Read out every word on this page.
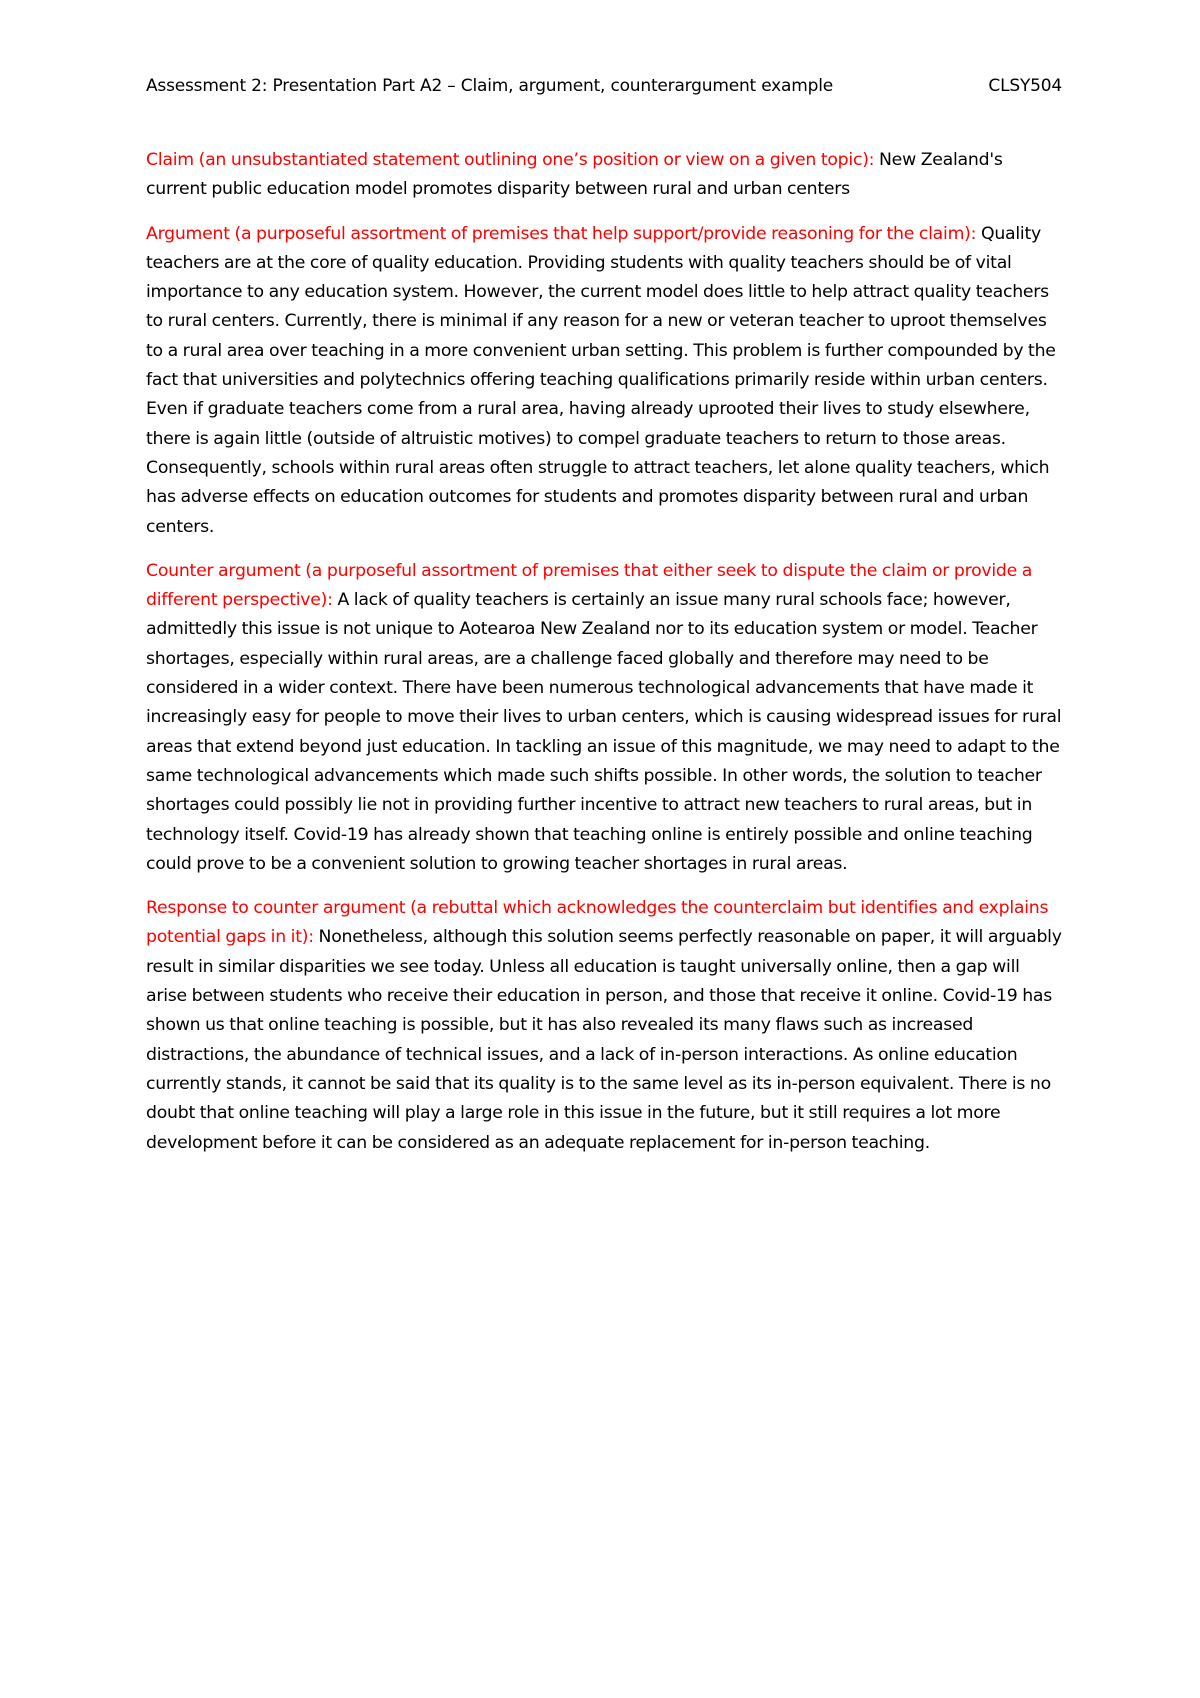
Assessment 2: Presentation Part A2 – Claim, argument, counterargument example	CLSY504

Claim (an unsubstantiated statement outlining one’s position or view on a given topic): New Zealand's current public education model promotes disparity between rural and urban centers

Argument (a purposeful assortment of premises that help support/provide reasoning for the claim): Quality teachers are at the core of quality education. Providing students with quality teachers should be of vital importance to any education system. However, the current model does little to help attract quality teachers to rural centers. Currently, there is minimal if any reason for a new or veteran teacher to uproot themselves to a rural area over teaching in a more convenient urban setting. This problem is further compounded by the fact that universities and polytechnics offering teaching qualifications primarily reside within urban centers. Even if graduate teachers come from a rural area, having already uprooted their lives to study elsewhere, there is again little (outside of altruistic motives) to compel graduate teachers to return to those areas. Consequently, schools within rural areas often struggle to attract teachers, let alone quality teachers, which has adverse effects on education outcomes for students and promotes disparity between rural and urban centers.

Counter argument (a purposeful assortment of premises that either seek to dispute the claim or provide a different perspective): A lack of quality teachers is certainly an issue many rural schools face; however, admittedly this issue is not unique to Aotearoa New Zealand nor to its education system or model. Teacher shortages, especially within rural areas, are a challenge faced globally and therefore may need to be considered in a wider context. There have been numerous technological advancements that have made it increasingly easy for people to move their lives to urban centers, which is causing widespread issues for rural areas that extend beyond just education. In tackling an issue of this magnitude, we may need to adapt to the same technological advancements which made such shifts possible. In other words, the solution to teacher shortages could possibly lie not in providing further incentive to attract new teachers to rural areas, but in technology itself. Covid-19 has already shown that teaching online is entirely possible and online teaching could prove to be a convenient solution to growing teacher shortages in rural areas.

Response to counter argument (a rebuttal which acknowledges the counterclaim but identifies and explains potential gaps in it): Nonetheless, although this solution seems perfectly reasonable on paper, it will arguably result in similar disparities we see today. Unless all education is taught universally online, then a gap will arise between students who receive their education in person, and those that receive it online. Covid-19 has shown us that online teaching is possible, but it has also revealed its many flaws such as increased distractions, the abundance of technical issues, and a lack of in-person interactions. As online education currently stands, it cannot be said that its quality is to the same level as its in-person equivalent. There is no doubt that online teaching will play a large role in this issue in the future, but it still requires a lot more development before it can be considered as an adequate replacement for in-person teaching.
